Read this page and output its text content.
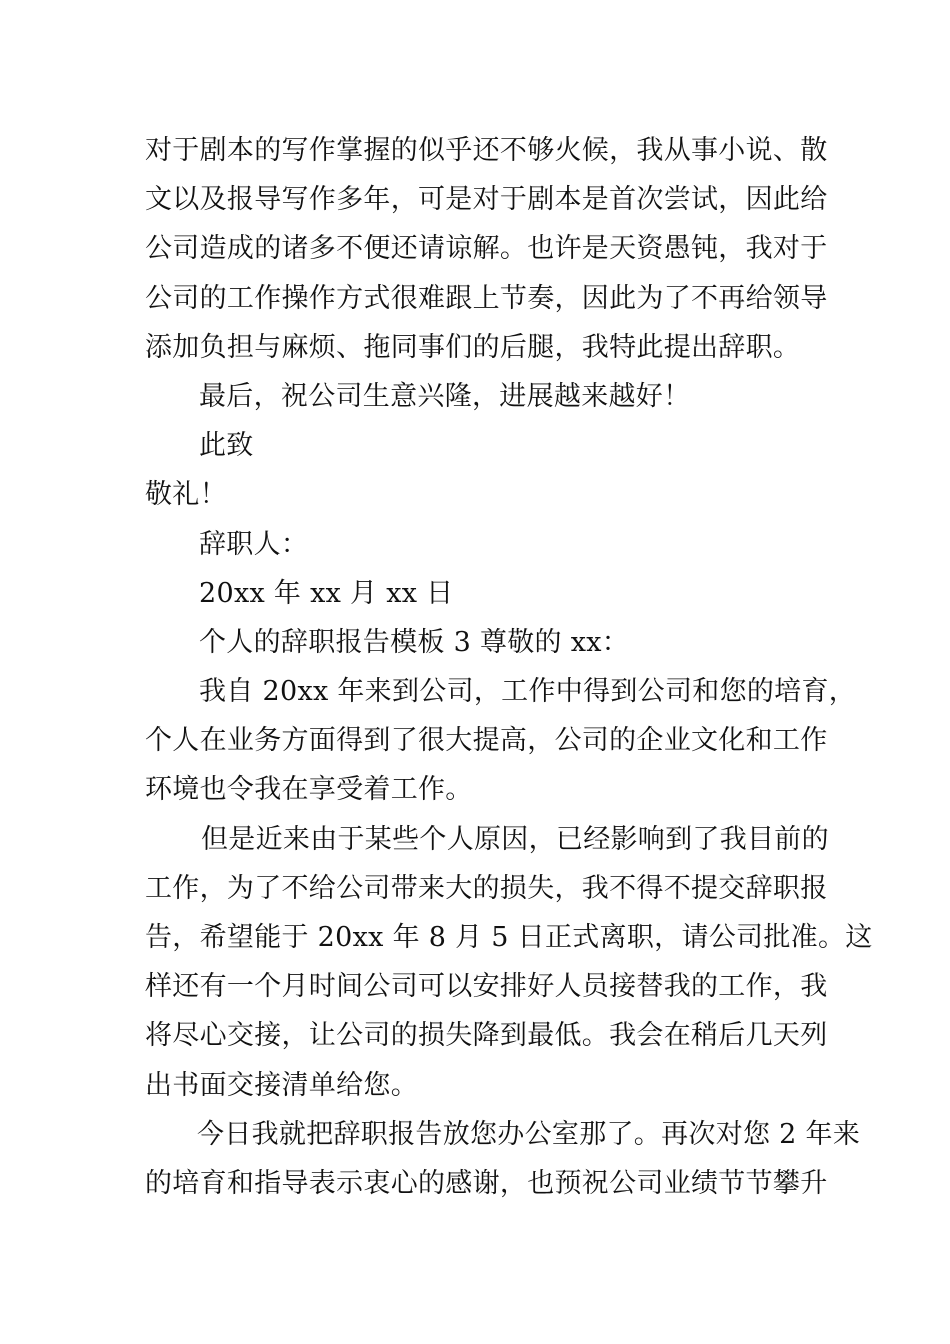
对于剧本的写作掌握的似乎还不够火候，我从事小说、散
文以及报导写作多年，可是对于剧本是首次尝试，因此给
公司造成的诸多不便还请谅解。也许是天资愚钝，我对于
公司的工作操作方式很难跟上节奏，因此为了不再给领导
添加负担与麻烦、拖同事们的后腿，我特此提出辞职。
最后，祝公司生意兴隆，进展越来越好！
此致
敬礼！
辞职人：
20xx 年 xx 月 xx 日
个人的辞职报告模板 3 尊敬的 xx：
我自 20xx 年来到公司，工作中得到公司和您的培育，
个人在业务方面得到了很大提高，公司的企业文化和工作
环境也令我在享受着工作。
但是近来由于某些个人原因，已经影响到了我目前的
工作，为了不给公司带来大的损失，我不得不提交辞职报
告，希望能于 20xx 年 8 月 5 日正式离职，请公司批准。这
样还有一个月时间公司可以安排好人员接替我的工作，我
将尽心交接，让公司的损失降到最低。我会在稍后几天列
出书面交接清单给您。
今日我就把辞职报告放您办公室那了。再次对您 2 年来
的培育和指导表示衷心的感谢，也预祝公司业绩节节攀升
